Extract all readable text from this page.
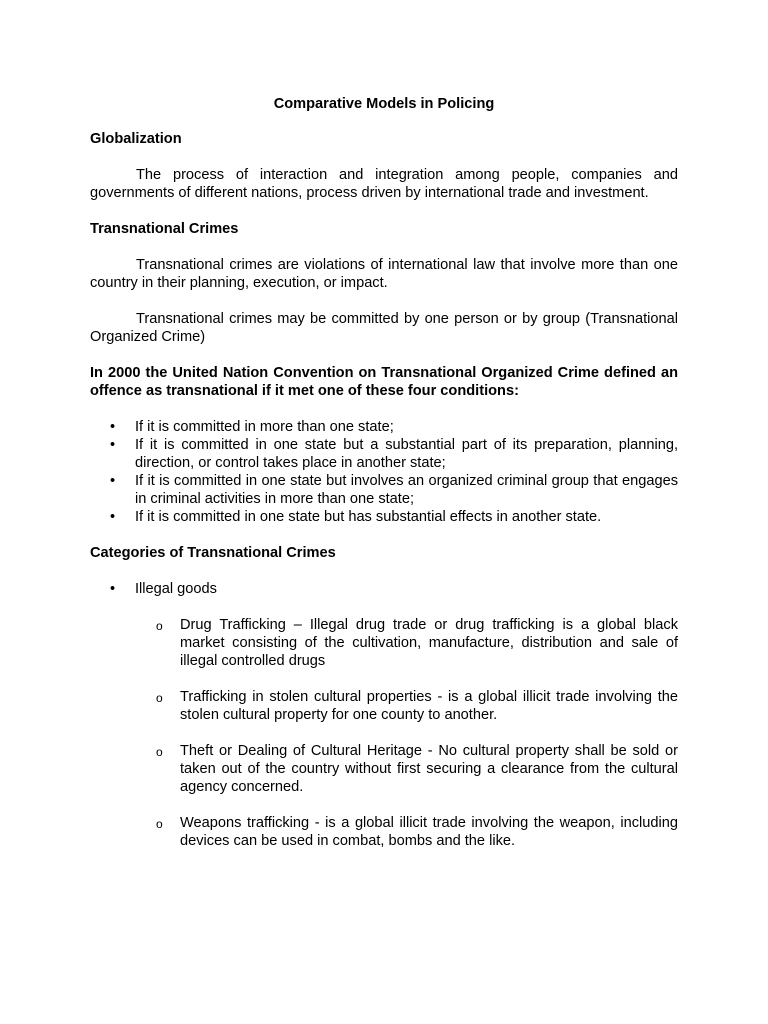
Comparative Models in Policing

Globalization

The process of interaction and integration among people, companies and governments of different nations, process driven by international trade and investment.

Transnational Crimes

Transnational crimes are violations of international law that involve more than one country in their planning, execution, or impact.

Transnational crimes may be committed by one person or by group (Transnational Organized Crime)

In 2000 the United Nation Convention on Transnational Organized Crime defined an offence as transnational if it met one of these four conditions:

• If it is committed in more than one state;
• If it is committed in one state but a substantial part of its preparation, planning, direction, or control takes place in another state;
• If it is committed in one state but involves an organized criminal group that engages in criminal activities in more than one state;
• If it is committed in one state but has substantial effects in another state.

Categories of Transnational Crimes

• Illegal goods
o Drug Trafficking – Illegal drug trade or drug trafficking is a global black market consisting of the cultivation, manufacture, distribution and sale of illegal controlled drugs
o Trafficking in stolen cultural properties - is a global illicit trade involving the stolen cultural property for one county to another.
o Theft or Dealing of Cultural Heritage - No cultural property shall be sold or taken out of the country without first securing a clearance from the cultural agency concerned.
o Weapons trafficking - is a global illicit trade involving the weapon, including devices can be used in combat, bombs and the like.
